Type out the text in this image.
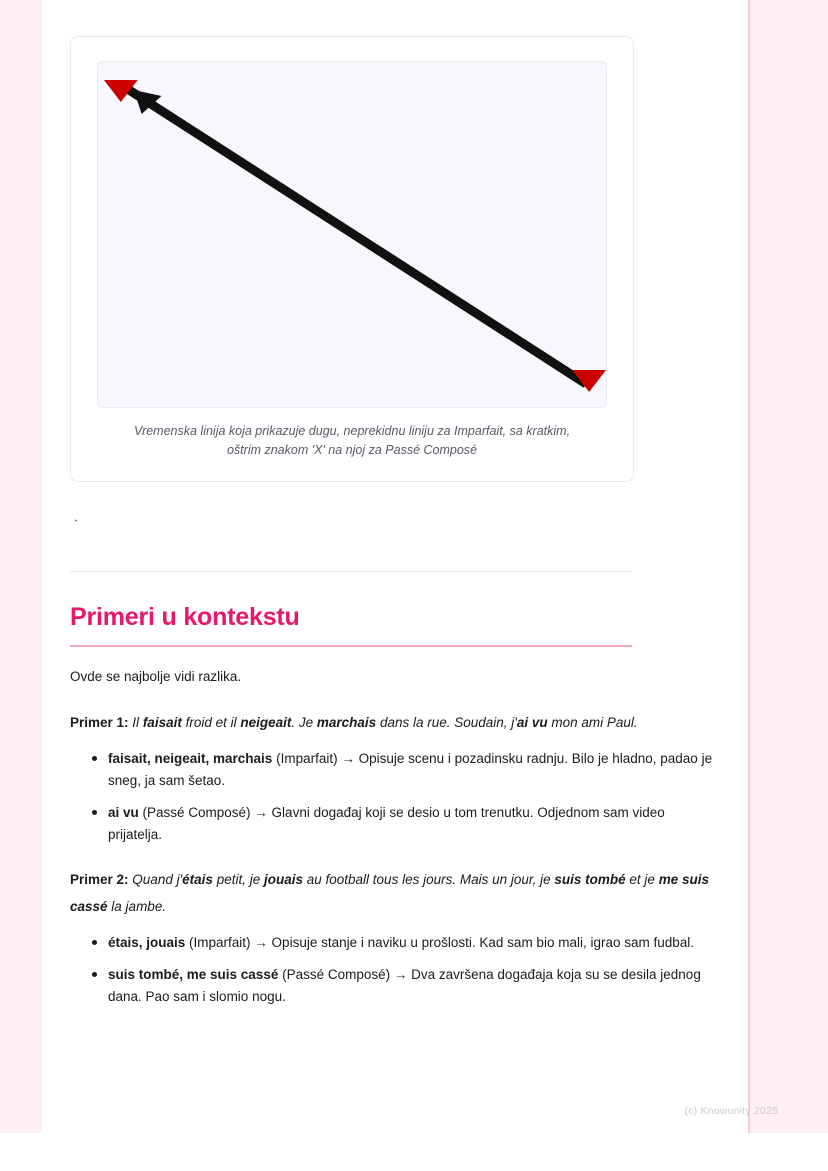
Vremenska linija koja prikazuje dugu, neprekidnu liniju za Imparfait, sa kratkim, oštrim znakom 'X' na njoj za Passé Composé
`
Primeri u kontekstu

Ovde se najbolje vidi razlika.

Primer 1: Il faisait froid et il neigeait. Je marchais dans la rue. Soudain, j'ai vu mon ami Paul.

faisait, neigeait, marchais (Imparfait) → Opisuje scenu i pozadinsku radnju. Bilo je hladno, padao je sneg, ja sam šetao.
ai vu (Passé Composé) → Glavni događaj koji se desio u tom trenutku. Odjednom sam video prijatelja.

Primer 2: Quand j'étais petit, je jouais au football tous les jours. Mais un jour, je suis tombé et je me suis cassé la jambe.

étais, jouais (Imparfait) → Opisuje stanje i naviku u prošlosti. Kad sam bio mali, igrao sam fudbal.
suis tombé, me suis cassé (Passé Composé) → Dva završena događaja koja su se desila jednog dana. Pao sam i slomio nogu.
(c) Knowunity 2025
